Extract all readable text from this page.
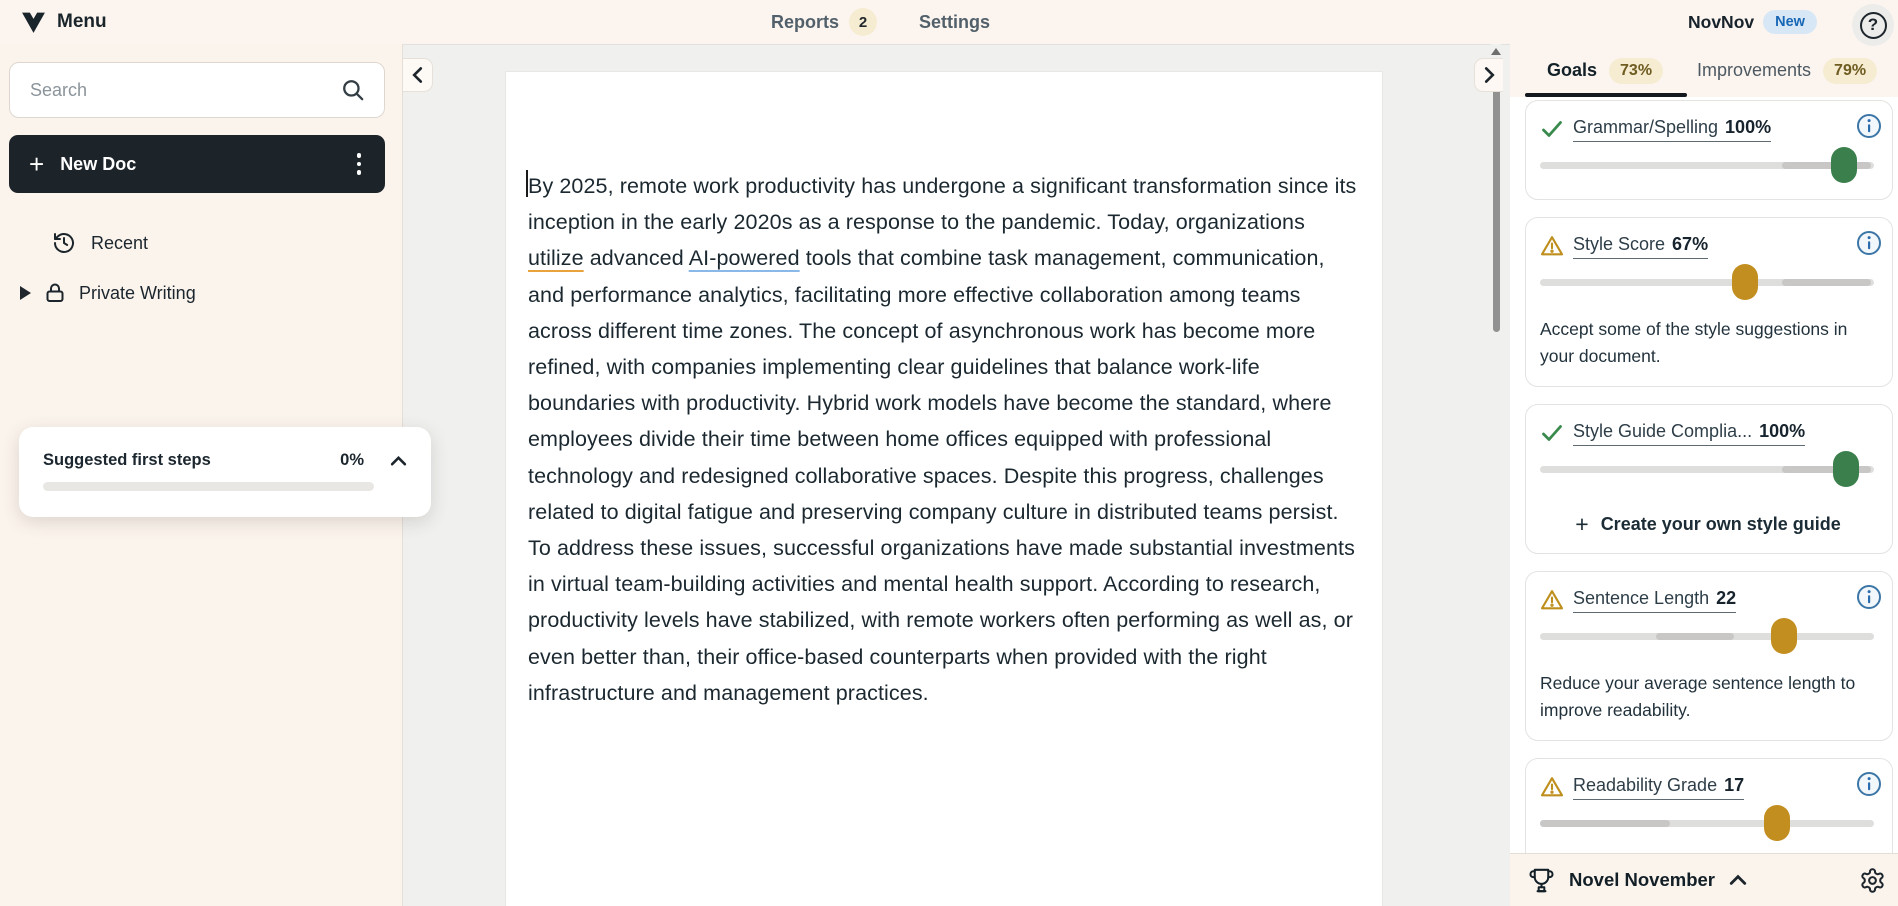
Menu	Reports	2	Settings	NovNov	New	?
Search
+ New Doc
Recent
Private Writing
Suggested first steps	0%
By 2025, remote work productivity has undergone a significant transformation since its inception in the early 2020s as a response to the pandemic. Today, organizations utilize advanced AI-powered tools that combine task management, communication, and performance analytics, facilitating more effective collaboration among teams across different time zones. The concept of asynchronous work has become more refined, with companies implementing clear guidelines that balance work-life boundaries with productivity. Hybrid work models have become the standard, where employees divide their time between home offices equipped with professional technology and redesigned collaborative spaces. Despite this progress, challenges related to digital fatigue and preserving company culture in distributed teams persist. To address these issues, successful organizations have made substantial investments in virtual team-building activities and mental health support. According to research, productivity levels have stabilized, with remote workers often performing as well as, or even better than, their office-based counterparts when provided with the right infrastructure and management practices.
Goals	73%	Improvements	79%
Grammar/Spelling 100%
Style Score 67%
Accept some of the style suggestions in your document.
Style Guide Complia... 100%
+ Create your own style guide
Sentence Length 22
Reduce your average sentence length to improve readability.
Readability Grade 17
Novel November
